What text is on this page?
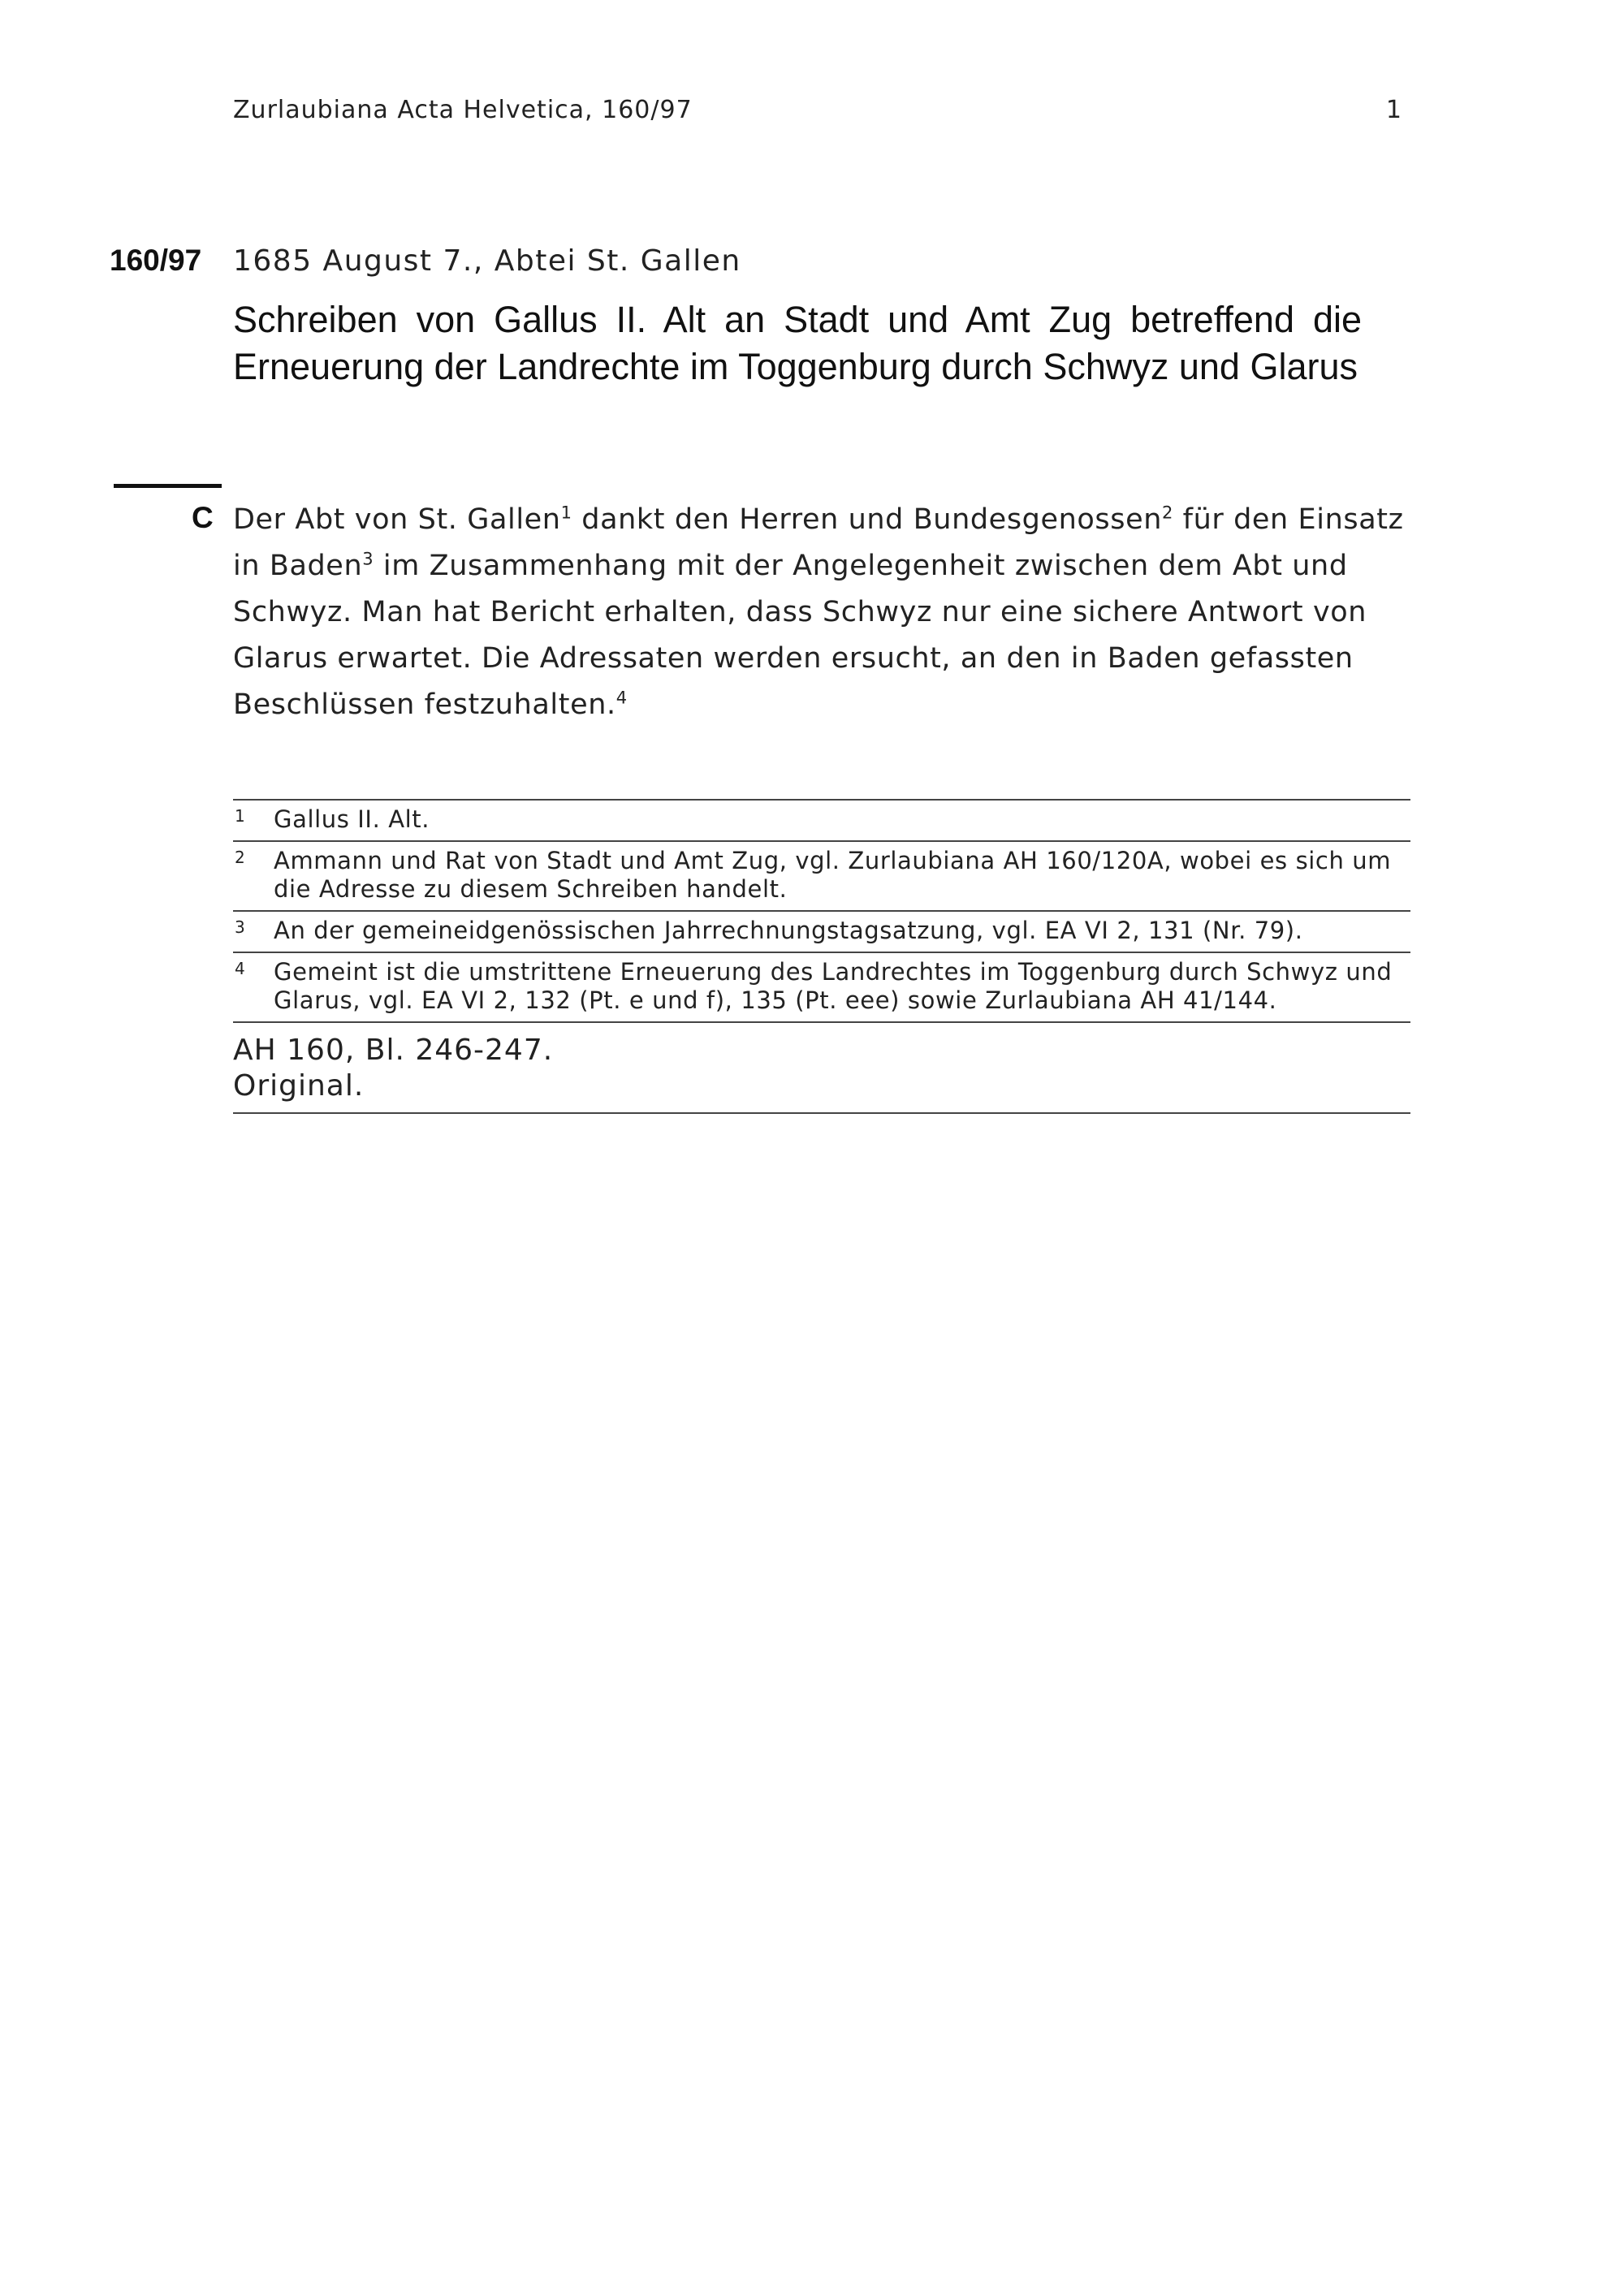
Zurlaubiana Acta Helvetica, 160/97	1
160/97 1685 August 7., Abtei St. Gallen
Schreiben von Gallus II. Alt an Stadt und Amt Zug betreffend die Erneuerung der Landrechte im Toggenburg durch Schwyz und Glarus
C Der Abt von St. Gallen$^1$ dankt den Herren und Bundesgenossen$^2$ für den Einsatz in Baden$^3$ im Zusammenhang mit der Angelegenheit zwischen dem Abt und Schwyz. Man hat Bericht erhalten, dass Schwyz nur eine sichere Antwort von Glarus erwartet. Die Adressaten werden ersucht, an den in Baden gefassten Beschlüssen festzuhalten.$^4$
1 Gallus II. Alt.
2 Ammann und Rat von Stadt und Amt Zug, vgl. Zurlaubiana AH 160/120A, wobei es sich um die Adresse zu diesem Schreiben handelt.
3 An der gemeineidgenössischen Jahrrechnungstagsatzung, vgl. EA VI 2, 131 (Nr. 79).
4 Gemeint ist die umstrittene Erneuerung des Landrechtes im Toggenburg durch Schwyz und Glarus, vgl. EA VI 2, 132 (Pt. e und f), 135 (Pt. eee) sowie Zurlaubiana AH 41/144.
AH 160, Bl. 246-247.
Original.
